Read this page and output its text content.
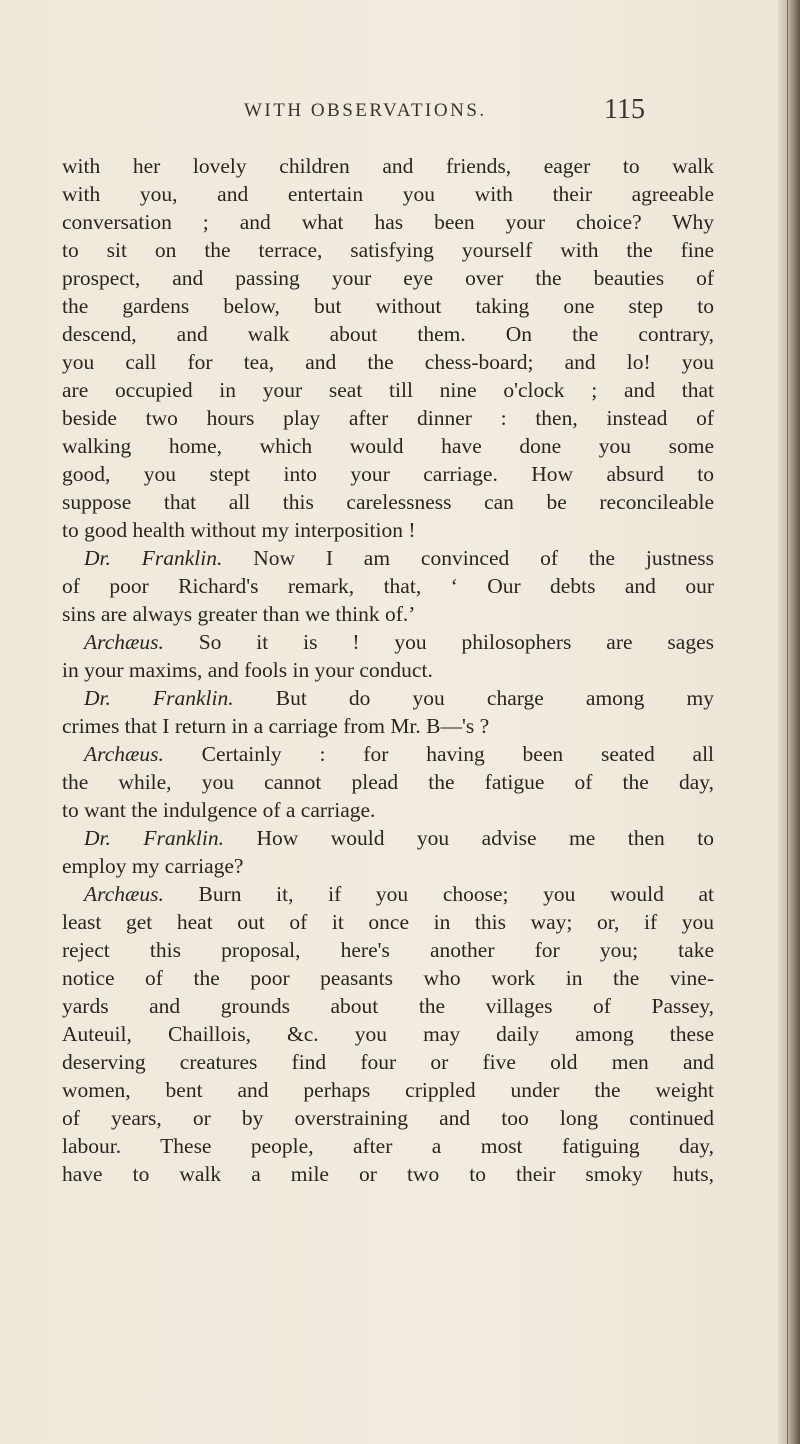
WITH OBSERVATIONS.	115
with her lovely children and friends, eager to walk
with you, and entertain you with their agreeable
conversation ; and what has been your choice? Why
to sit on the terrace, satisfying yourself with the fine
prospect, and passing your eye over the beauties of
the gardens below, but without taking one step to
descend, and walk about them. On the contrary,
you call for tea, and the chess-board; and lo! you
are occupied in your seat till nine o'clock ; and that
beside two hours play after dinner : then, instead of
walking home, which would have done you some
good, you stept into your carriage. How absurd to
suppose that all this carelessness can be reconcileable
to good health without my interposition !
Dr. Franklin. Now I am convinced of the justness
of poor Richard's remark, that, ‘ Our debts and our
sins are always greater than we think of.’
Archæus. So it is ! you philosophers are sages
in your maxims, and fools in your conduct.
Dr. Franklin. But do you charge among my
crimes that I return in a carriage from Mr. B—'s ?
Archæus. Certainly : for having been seated all
the while, you cannot plead the fatigue of the day,
to want the indulgence of a carriage.
Dr. Franklin. How would you advise me then to
employ my carriage?
Archæus. Burn it, if you choose; you would at
least get heat out of it once in this way; or, if you
reject this proposal, here's another for you; take
notice of the poor peasants who work in the vine-
yards and grounds about the villages of Passey,
Auteuil, Chaillois, &c. you may daily among these
deserving creatures find four or five old men and
women, bent and perhaps crippled under the weight
of years, or by overstraining and too long continued
labour. These people, after a most fatiguing day,
have to walk a mile or two to their smoky huts,
